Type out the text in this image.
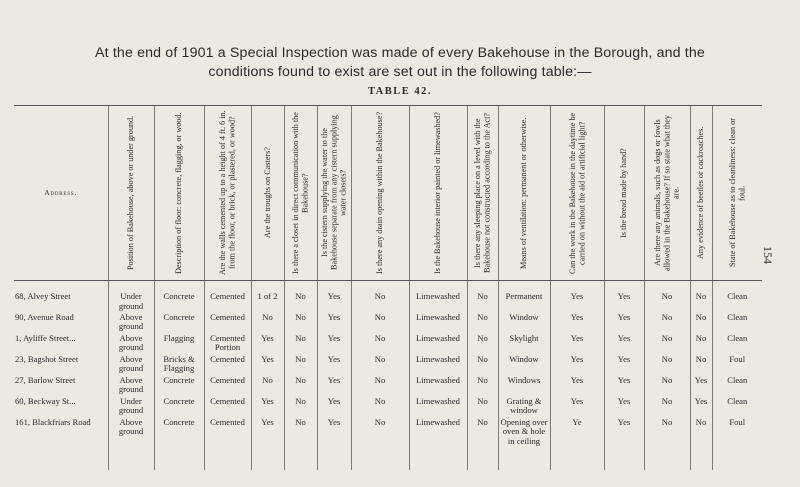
At the end of 1901 a Special Inspection was made of every Bakehouse in the Borough, and the
conditions found to exist are set out in the following table:—
TABLE 42.
154
Address.	Position of Bakehouse, above or under ground.	Description of floor: concrete, flagging, or wood.	Are the walls cemented up to a height of 4 ft. 6 in. from the floor, or brick, or plastered, or wood?	Are the troughs on Casters?	Is there a closet in direct communication with the Bakehouse?	Is the cistern supplying the water to the Bakehouse separate from any cistern supplying water closets?	Is there any drain opening within the Bakehouse?	Is the Bakehouse interior painted or limewashed?	Is there any sleeping place on a level with the Bakehouse not constructed according to the Act?	Means of ventilation: permanent or otherwise.	Can the work in the Bakehouse in the daytime be carried on without the aid of artificial light?	Is the bread made by hand?	Are there any animals, such as dogs or fowls allowed in the Bakehouse? If so state what they are.	Any evidence of beetles or cockroaches.	State of Bakehouse as to cleanliness: clean or foul.

68, Alvey Street	Under ground	Concrete	Cemented	1 of 2	No	Yes	No	Limewashed	No	Permanent	Yes	Yes	No	No	Clean
90, Avenue Road	Above ground	Concrete	Cemented	No	No	Yes	No	Limewashed	No	Window	Yes	Yes	No	No	Clean
1, Ayliffe Street...	Above ground	Flagging	Cemented Portion	Yes	No	Yes	No	Limewashed	No	Skylight	Yes	Yes	No	No	Clean
23, Bagshot Street	Above ground	Bricks & Flagging	Cemented	Yes	No	Yes	No	Limewashed	No	Window	Yes	Yes	No	No	Foul
27, Barlow Street	Above ground	Concrete	Cemented	No	No	Yes	No	Limewashed	No	Windows	Yes	Yes	No	Yes	Clean
60, Beckway St...	Under ground	Concrete	Cemented	Yes	No	Yes	No	Limewashed	No	Grating & window	Yes	Yes	No	Yes	Clean
161, Blackfriars Road	Above ground	Concrete	Cemented	Yes	No	Yes	No	Limewashed	No	Opening over oven & hole in ceiling	Ye	Yes	No	No	Foul
